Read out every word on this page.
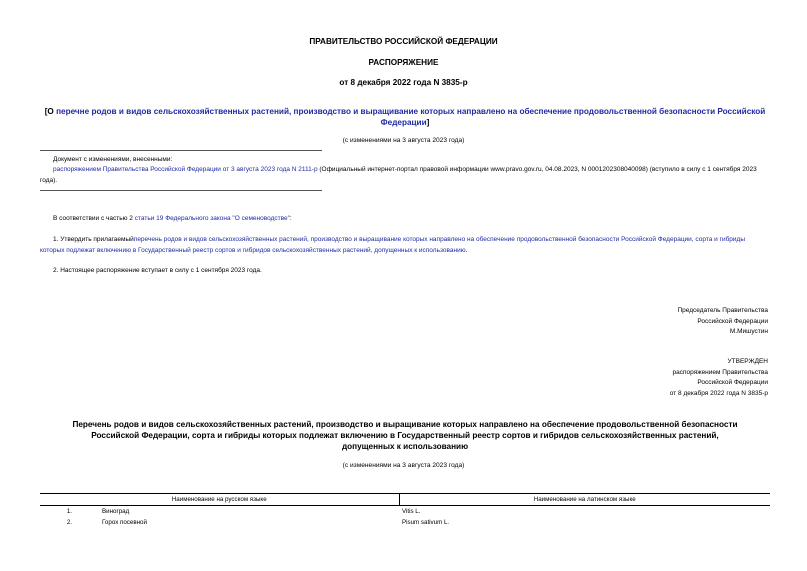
ПРАВИТЕЛЬСТВО РОССИЙСКОЙ ФЕДЕРАЦИИ
РАСПОРЯЖЕНИЕ
от 8 декабря 2022 года N 3835-р
[О перечне родов и видов сельскохозяйственных растений, производство и выращивание которых направлено на обеспечение продовольственной безопасности Российской Федерации]
(с изменениями на 3 августа 2023 года)
Документ с изменениями, внесенными:
распоряжением Правительства Российской Федерации от 3 августа 2023 года N 2111-р (Официальный интернет-портал правовой информации www.pravo.gov.ru, 04.08.2023, N 0001202308040098) (вступило в силу с 1 сентября 2023 года).
В соответствии с частью 2 статьи 19 Федерального закона "О семеноводстве":
1. Утвердить прилагаемыйперечень родов и видов сельскохозяйственных растений, производство и выращивание которых направлено на обеспечение продовольственной безопасности Российской Федерации, сорта и гибриды которых подлежат включению в Государственный реестр сортов и гибридов сельскохозяйственных растений, допущенных к использованию.
2. Настоящее распоряжение вступает в силу с 1 сентября 2023 года.
Председатель Правительства
Российской Федерации
М.Мишустин
УТВЕРЖДЕН
распоряжением Правительства
Российской Федерации
от 8 декабря 2022 года N 3835-р
Перечень родов и видов сельскохозяйственных растений, производство и выращивание которых направлено на обеспечение продовольственной безопасности
Российской Федерации, сорта и гибриды которых подлежат включению в Государственный реестр сортов и гибридов сельскохозяйственных растений,
допущенных к использованию
(с изменениями на 3 августа 2023 года)
Наименование на русском языке		Наименование на латинском языке
1.	Виноград	Vitis L.
2.	Горох посевной	Pisum sativum L.
